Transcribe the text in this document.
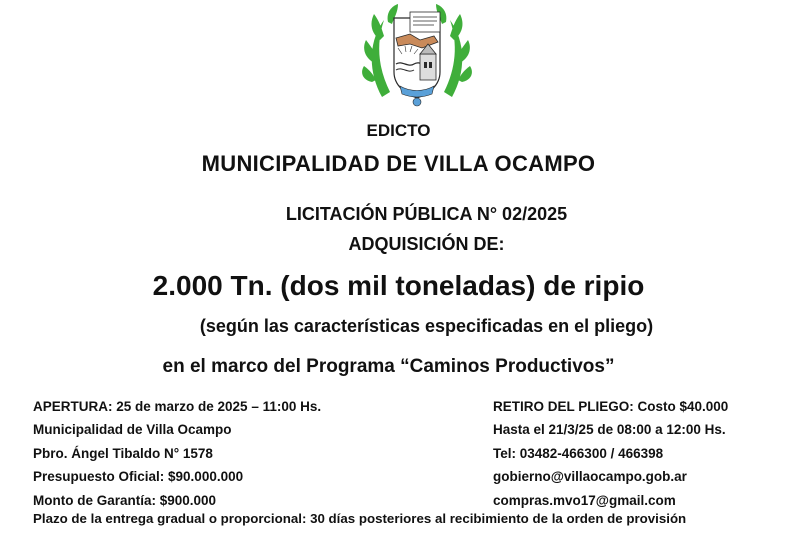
EDICTO
MUNICIPALIDAD DE VILLA OCAMPO
LICITACIÓN PÚBLICA N° 02/2025
ADQUISICIÓN DE:
2.000 Tn. (dos mil toneladas) de ripio
(según las características especificadas en el pliego)
en el marco del Programa “Caminos Productivos”
APERTURA: 25 de marzo de 2025 – 11:00 Hs.
Municipalidad de Villa Ocampo
Pbro. Ángel Tibaldo N° 1578
Presupuesto Oficial: $90.000.000
Monto de Garantía: $900.000
RETIRO DEL PLIEGO: Costo $40.000
Hasta el 21/3/25 de 08:00 a 12:00 Hs.
Tel: 03482-466300 / 466398
gobierno@villaocampo.gob.ar
compras.mvo17@gmail.com
Plazo de la entrega gradual o proporcional: 30 días posteriores al recibimiento de la orden de provisión
